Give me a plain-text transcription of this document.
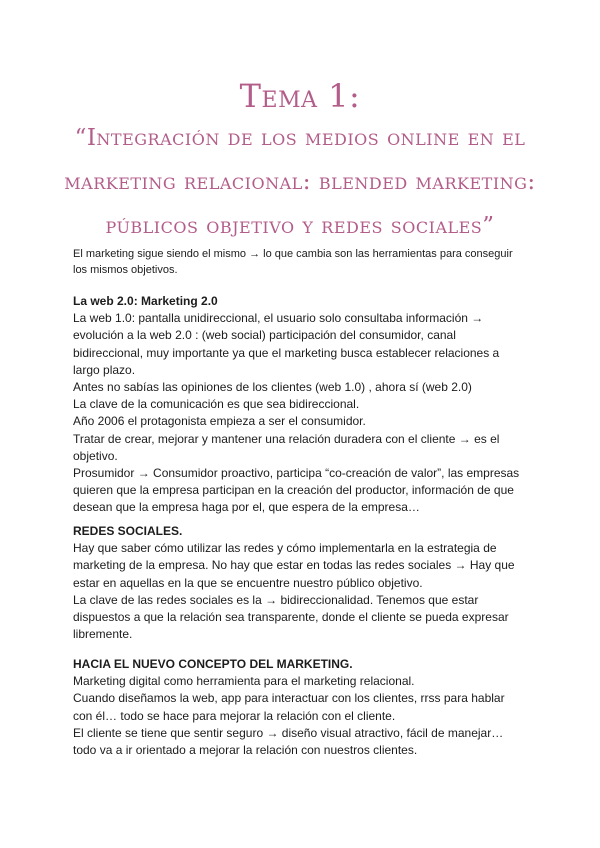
Tema 1:
“Integración de los medios online en el
marketing relacional: blended marketing:
públicos objetivo y redes sociales”
El marketing sigue siendo el mismo → lo que cambia son las herramientas para conseguir
los mismos objetivos.
La web 2.0: Marketing 2.0
La web 1.0: pantalla unidireccional, el usuario solo consultaba información →
evolución a la web 2.0 : (web social) participación del consumidor, canal
bidireccional, muy importante ya que el marketing busca establecer relaciones a
largo plazo.
Antes no sabías las opiniones de los clientes (web 1.0) , ahora sí (web 2.0)
La clave de la comunicación es que sea bidireccional.
Año 2006 el protagonista empieza a ser el consumidor.
Tratar de crear, mejorar y mantener una relación duradera con el cliente → es el
objetivo.
Prosumidor → Consumidor proactivo, participa “co-creación de valor”, las empresas
quieren que la empresa participan en la creación del productor, información de que
desean que la empresa haga por el, que espera de la empresa…
REDES SOCIALES.
Hay que saber cómo utilizar las redes y cómo implementarla en la estrategia de
marketing de la empresa. No hay que estar en todas las redes sociales → Hay que
estar en aquellas en la que se encuentre nuestro público objetivo.
La clave de las redes sociales es la → bidireccionalidad. Tenemos que estar
dispuestos a que la relación sea transparente, donde el cliente se pueda expresar
libremente.
HACIA EL NUEVO CONCEPTO DEL MARKETING.
Marketing digital como herramienta para el marketing relacional.
Cuando diseñamos la web, app para interactuar con los clientes, rrss para hablar
con él… todo se hace para mejorar la relación con el cliente.
El cliente se tiene que sentir seguro → diseño visual atractivo, fácil de manejar…
todo va a ir orientado a mejorar la relación con nuestros clientes.
